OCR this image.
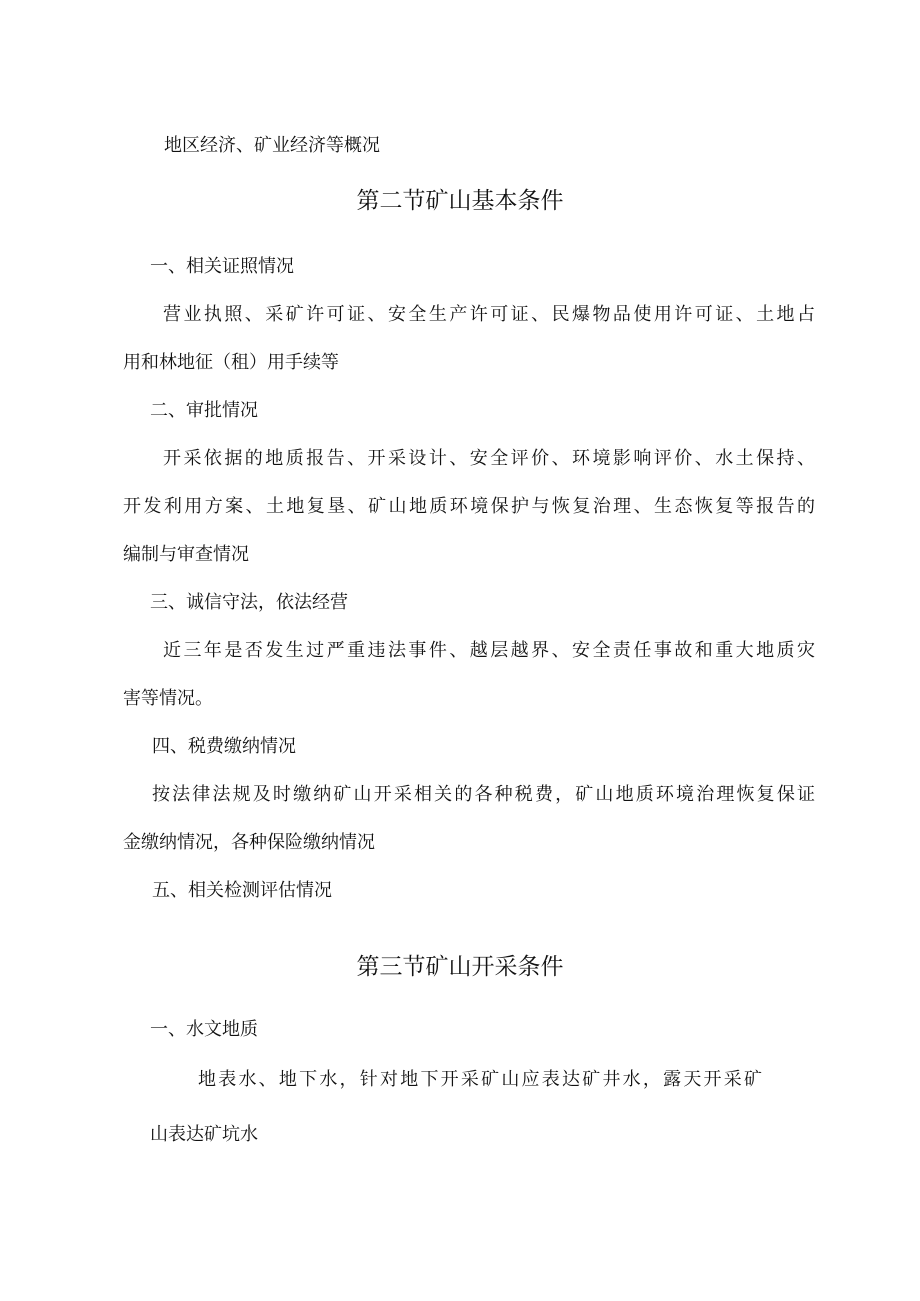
地区经济、矿业经济等概况
第二节矿山基本条件
一、相关证照情况
营业执照、采矿许可证、安全生产许可证、民爆物品使用许可证、土地占
用和林地征（租）用手续等
二、审批情况
开采依据的地质报告、开采设计、安全评价、环境影响评价、水土保持、
开发利用方案、土地复垦、矿山地质环境保护与恢复治理、生态恢复等报告的
编制与审查情况
三、诚信守法，依法经营
近三年是否发生过严重违法事件、越层越界、安全责任事故和重大地质灾
害等情况。
四、税费缴纳情况
按法律法规及时缴纳矿山开采相关的各种税费，矿山地质环境治理恢复保证
金缴纳情况，各种保险缴纳情况
五、相关检测评估情况
第三节矿山开采条件
一、水文地质
地表水、地下水，针对地下开采矿山应表达矿井水，露天开采矿
山表达矿坑水
